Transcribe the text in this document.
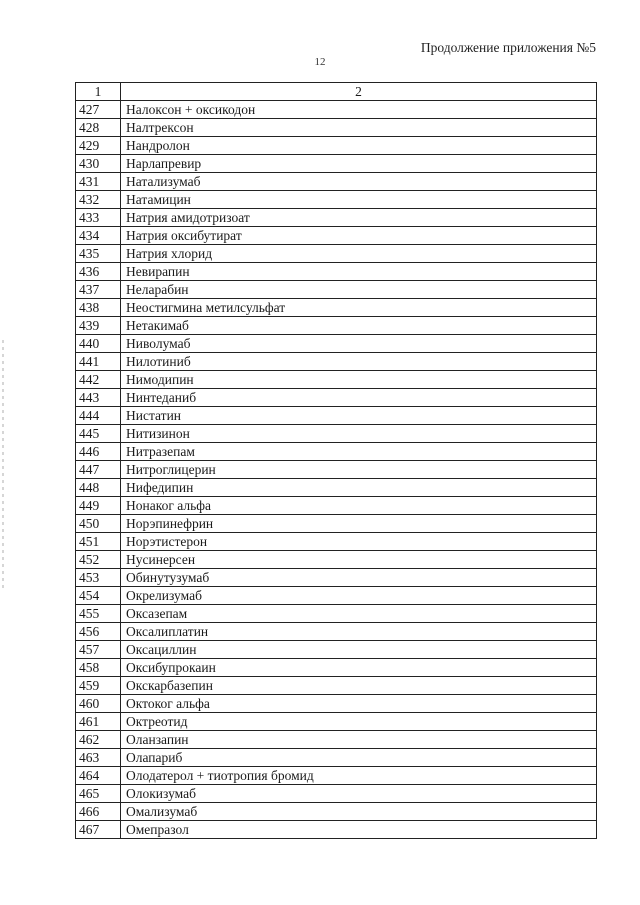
Продолжение приложения №5
12
1	2
427	Налоксон + оксикодон
428	Налтрексон
429	Нандролон
430	Нарлапревир
431	Натализумаб
432	Натамицин
433	Натрия амидотризоат
434	Натрия оксибутират
435	Натрия хлорид
436	Невирапин
437	Неларабин
438	Неостигмина метилсульфат
439	Нетакимаб
440	Ниволумаб
441	Нилотиниб
442	Нимодипин
443	Нинтеданиб
444	Нистатин
445	Нитизинон
446	Нитразепам
447	Нитроглицерин
448	Нифедипин
449	Нонаког альфа
450	Норэпинефрин
451	Норэтистерон
452	Нусинерсен
453	Обинутузумаб
454	Окрелизумаб
455	Оксазепам
456	Оксалиплатин
457	Оксациллин
458	Оксибупрокаин
459	Окскарбазепин
460	Октоког альфа
461	Октреотид
462	Оланзапин
463	Олапариб
464	Олодатерол + тиотропия бромид
465	Олокизумаб
466	Омализумаб
467	Омепразол
